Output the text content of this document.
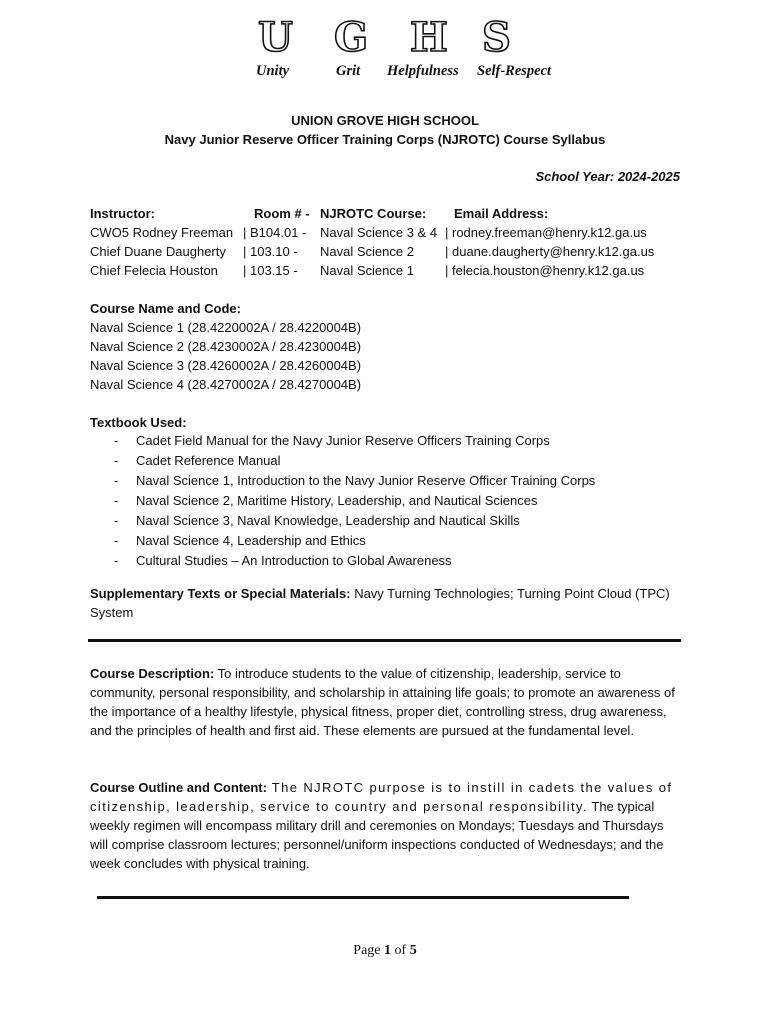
U G H S
Unity	Grit Helpfulness Self-Respect
UNION GROVE HIGH SCHOOL
Navy Junior Reserve Officer Training Corps (NJROTC) Course Syllabus
School Year: 2024-2025
Instructor:	Room # - NJROTC Course: Email Address:
CWO5 Rodney Freeman | B104.01 - Naval Science 3 & 4 | rodney.freeman@henry.k12.ga.us
Chief Duane Daugherty | 103.10 - Naval Science 2 | duane.daugherty@henry.k12.ga.us
Chief Felecia Houston | 103.15 - Naval Science 1 | felecia.houston@henry.k12.ga.us
Course Name and Code:
Naval Science 1 (28.4220002A / 28.4220004B)
Naval Science 2 (28.4230002A / 28.4230004B)
Naval Science 3 (28.4260002A / 28.4260004B)
Naval Science 4 (28.4270002A / 28.4270004B)
Textbook Used:
- Cadet Field Manual for the Navy Junior Reserve Officers Training Corps
- Cadet Reference Manual
- Naval Science 1, Introduction to the Navy Junior Reserve Officer Training Corps
- Naval Science 2, Maritime History, Leadership, and Nautical Sciences
- Naval Science 3, Naval Knowledge, Leadership and Nautical Skills
- Naval Science 4, Leadership and Ethics
- Cultural Studies – An Introduction to Global Awareness
Supplementary Texts or Special Materials: Navy Turning Technologies; Turning Point Cloud (TPC) System
Course Description: To introduce students to the value of citizenship, leadership, service to community, personal responsibility, and scholarship in attaining life goals; to promote an awareness of the importance of a healthy lifestyle, physical fitness, proper diet, controlling stress, drug awareness, and the principles of health and first aid. These elements are pursued at the fundamental level.
Course Outline and Content: The NJROTC purpose is to instill in cadets the values of citizenship, leadership, service to country and personal responsibility. The typical weekly regimen will encompass military drill and ceremonies on Mondays; Tuesdays and Thursdays will comprise classroom lectures; personnel/uniform inspections conducted of Wednesdays; and the week concludes with physical training.
Page 1 of 5
